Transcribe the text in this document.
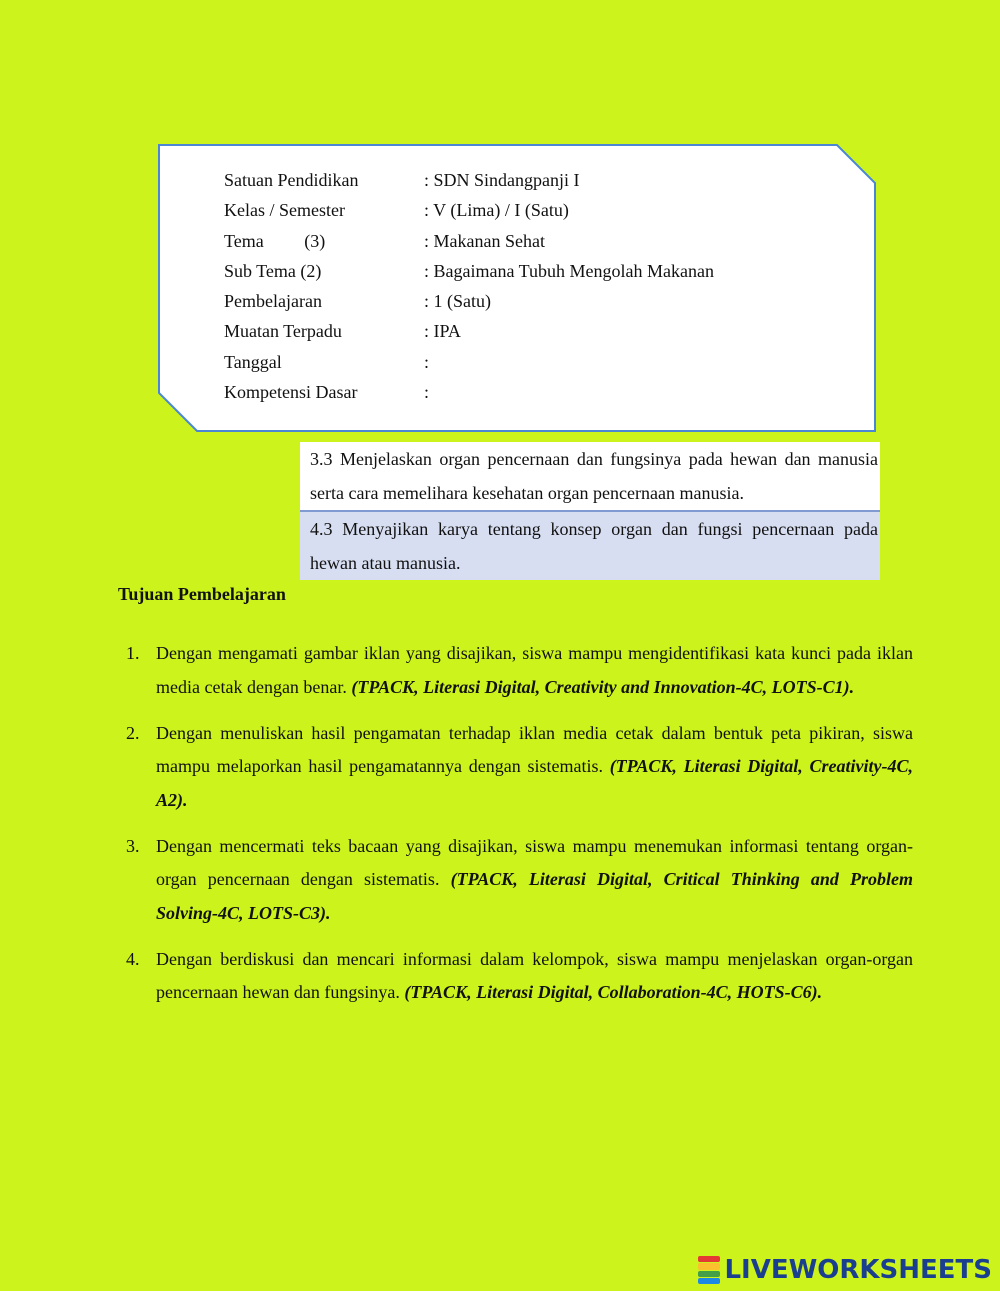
Satuan Pendidikan	: SDN Sindangpanji I
Kelas / Semester	: V (Lima) / I (Satu)
Tema         (3)	: Makanan Sehat
Sub Tema (2)	: Bagaimana Tubuh Mengolah Makanan
Pembelajaran	: 1 (Satu)
Muatan Terpadu	: IPA
Tanggal	:
Kompetensi Dasar	:
3.3 Menjelaskan organ pencernaan dan fungsinya pada hewan dan manusia serta cara memelihara kesehatan organ pencernaan manusia.
4.3 Menyajikan karya tentang konsep organ dan fungsi pencernaan pada hewan atau manusia.
Tujuan Pembelajaran
1. Dengan mengamati gambar iklan yang disajikan, siswa mampu mengidentifikasi kata kunci pada iklan media cetak dengan benar. (TPACK, Literasi Digital, Creativity and Innovation-4C, LOTS-C1).
2. Dengan menuliskan hasil pengamatan terhadap iklan media cetak dalam bentuk peta pikiran, siswa mampu melaporkan hasil pengamatannya dengan sistematis. (TPACK, Literasi Digital, Creativity-4C, A2).
3. Dengan mencermati teks bacaan yang disajikan, siswa mampu menemukan informasi tentang organ-organ pencernaan dengan sistematis. (TPACK, Literasi Digital, Critical Thinking and Problem Solving-4C, LOTS-C3).
4. Dengan berdiskusi dan mencari informasi dalam kelompok, siswa mampu menjelaskan organ-organ pencernaan hewan dan fungsinya. (TPACK, Literasi Digital, Collaboration-4C, HOTS-C6).
LIVEWORKSHEETS
